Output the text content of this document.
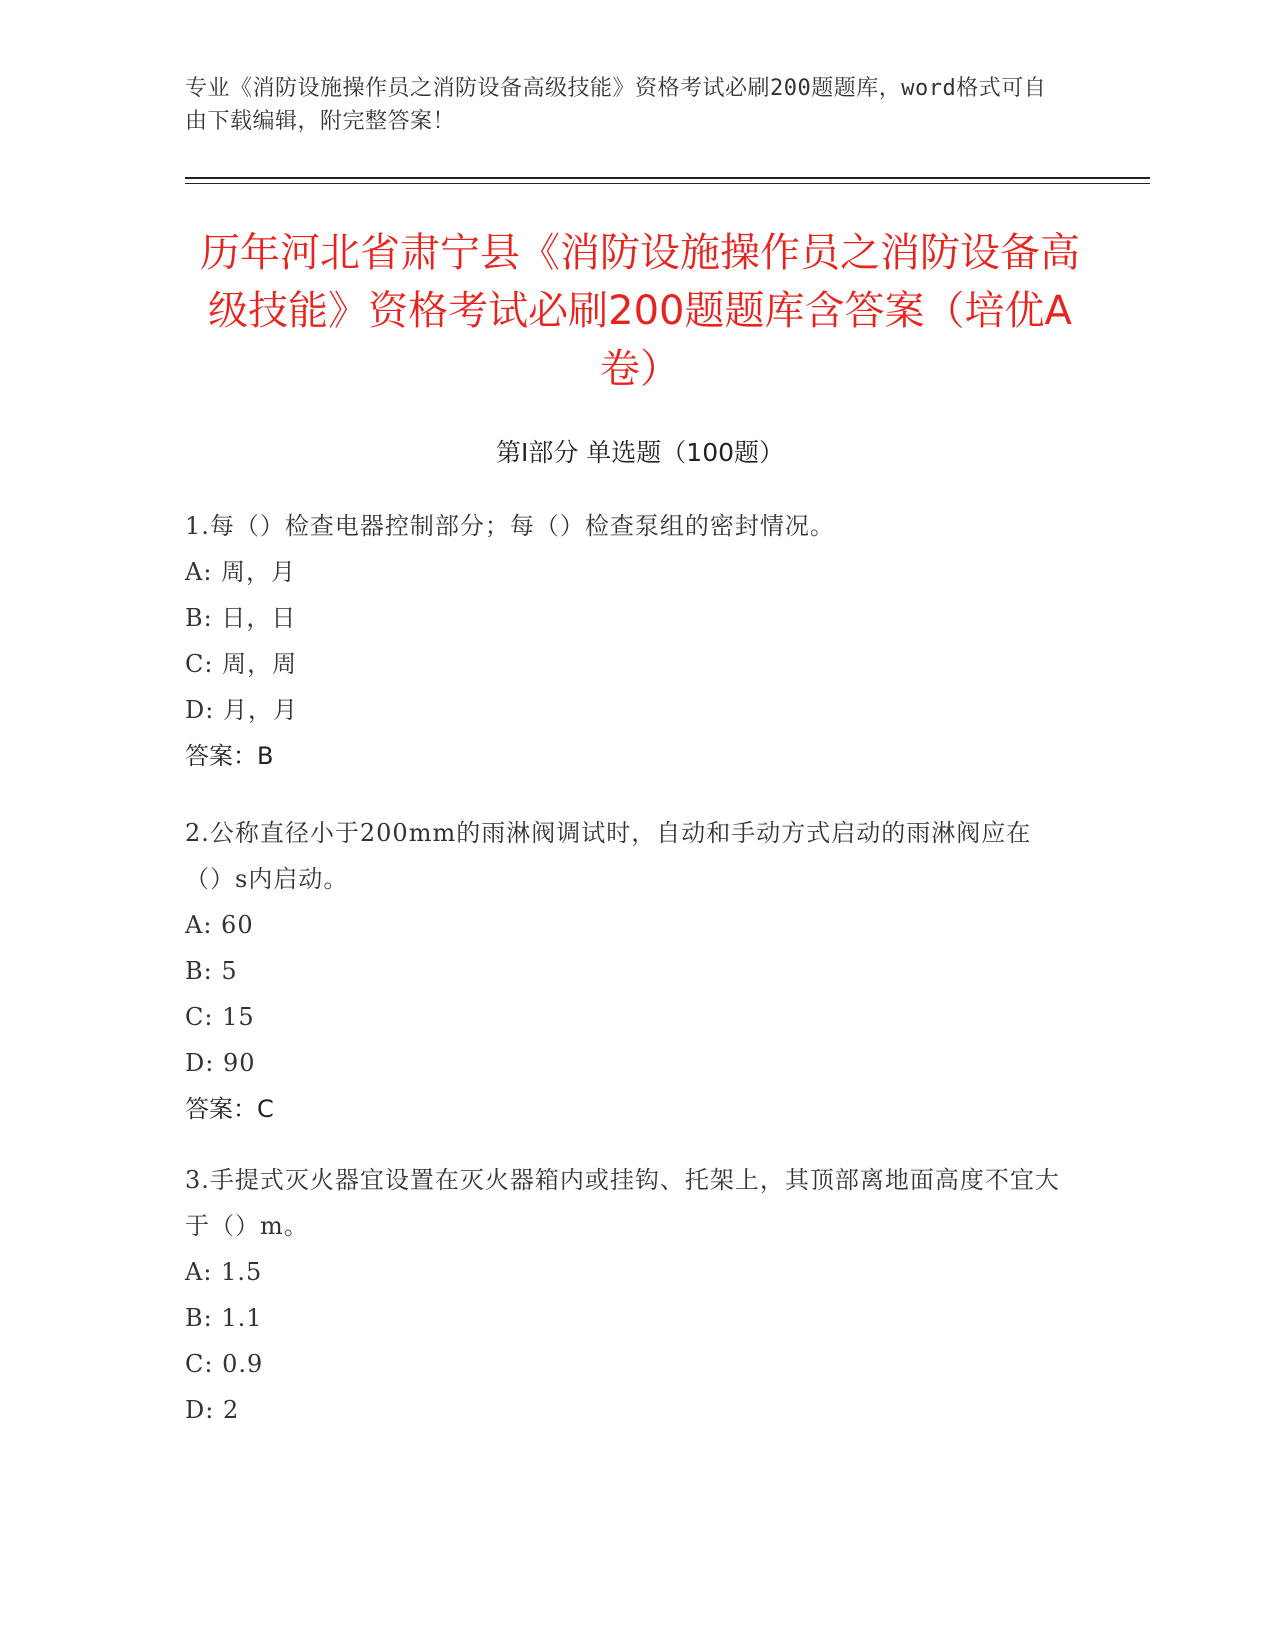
专业《消防设施操作员之消防设备高级技能》资格考试必刷200题题库，word格式可自由下载编辑，附完整答案！
历年河北省肃宁县《消防设施操作员之消防设备高级技能》资格考试必刷200题题库含答案（培优A卷）
第I部分 单选题（100题）
1.每（）检查电器控制部分；每（）检查泵组的密封情况。
A: 周，月
B: 日，日
C: 周，周
D: 月，月
答案：B
2.公称直径小于200mm的雨淋阀调试时，自动和手动方式启动的雨淋阀应在（）s内启动。
A: 60
B: 5
C: 15
D: 90
答案：C
3.手提式灭火器宜设置在灭火器箱内或挂钩、托架上，其顶部离地面高度不宜大于（）m。
A: 1.5
B: 1.1
C: 0.9
D: 2
